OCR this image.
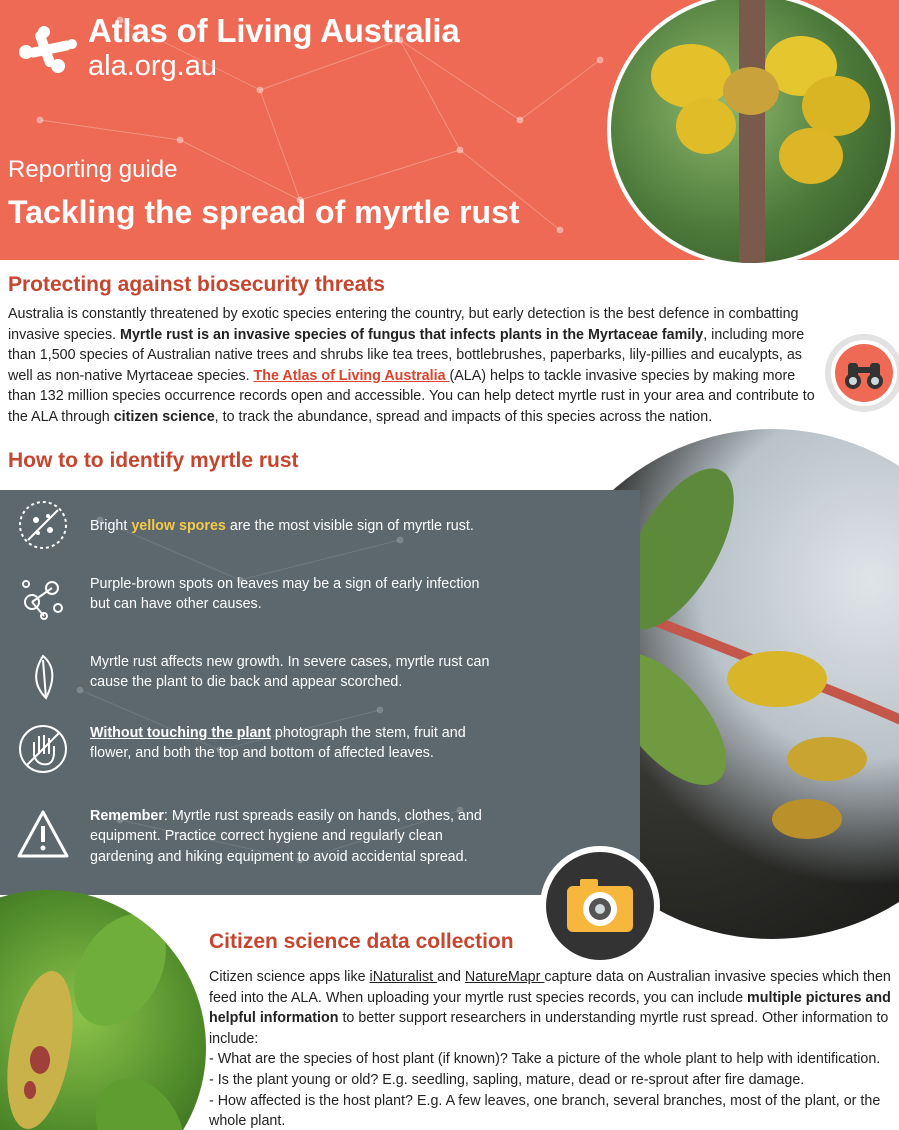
Atlas of Living Australia
ala.org.au
Reporting guide
Tackling the spread of myrtle rust
Protecting against biosecurity threats
Australia is constantly threatened by exotic species entering the country, but early detection is the best defence in combatting invasive species. Myrtle rust is an invasive species of fungus that infects plants in the Myrtaceae family, including more than 1,500 species of Australian native trees and shrubs like tea trees, bottlebrushes, paperbarks, lily-pillies and eucalypts, as well as non-native Myrtaceae species. The Atlas of Living Australia (ALA) helps to tackle invasive species by making more than 132 million species occurrence records open and accessible. You can help detect myrtle rust in your area and contribute to the ALA through citizen science, to track the abundance, spread and impacts of this species across the nation.
How to to identify myrtle rust
Bright yellow spores are the most visible sign of myrtle rust.
Purple-brown spots on leaves may be a sign of early infection but can have other causes.
Myrtle rust affects new growth. In severe cases, myrtle rust can cause the plant to die back and appear scorched.
Without touching the plant photograph the stem, fruit and flower, and both the top and bottom of affected leaves.
Remember: Myrtle rust spreads easily on hands, clothes, and equipment. Practice correct hygiene and regularly clean gardening and hiking equipment to avoid accidental spread.
Citizen science data collection
Citizen science apps like iNaturalist and NatureMapr capture data on Australian invasive species which then feed into the ALA. When uploading your myrtle rust species records, you can include multiple pictures and helpful information to better support researchers in understanding myrtle rust spread. Other information to include:
- What are the species of host plant (if known)? Take a picture of the whole plant to help with identification.
- Is the plant young or old? E.g. seedling, sapling, mature, dead or re-sprout after fire damage.
- How affected is the host plant? E.g. A few leaves, one branch, several branches, most of the plant, or the whole plant.
